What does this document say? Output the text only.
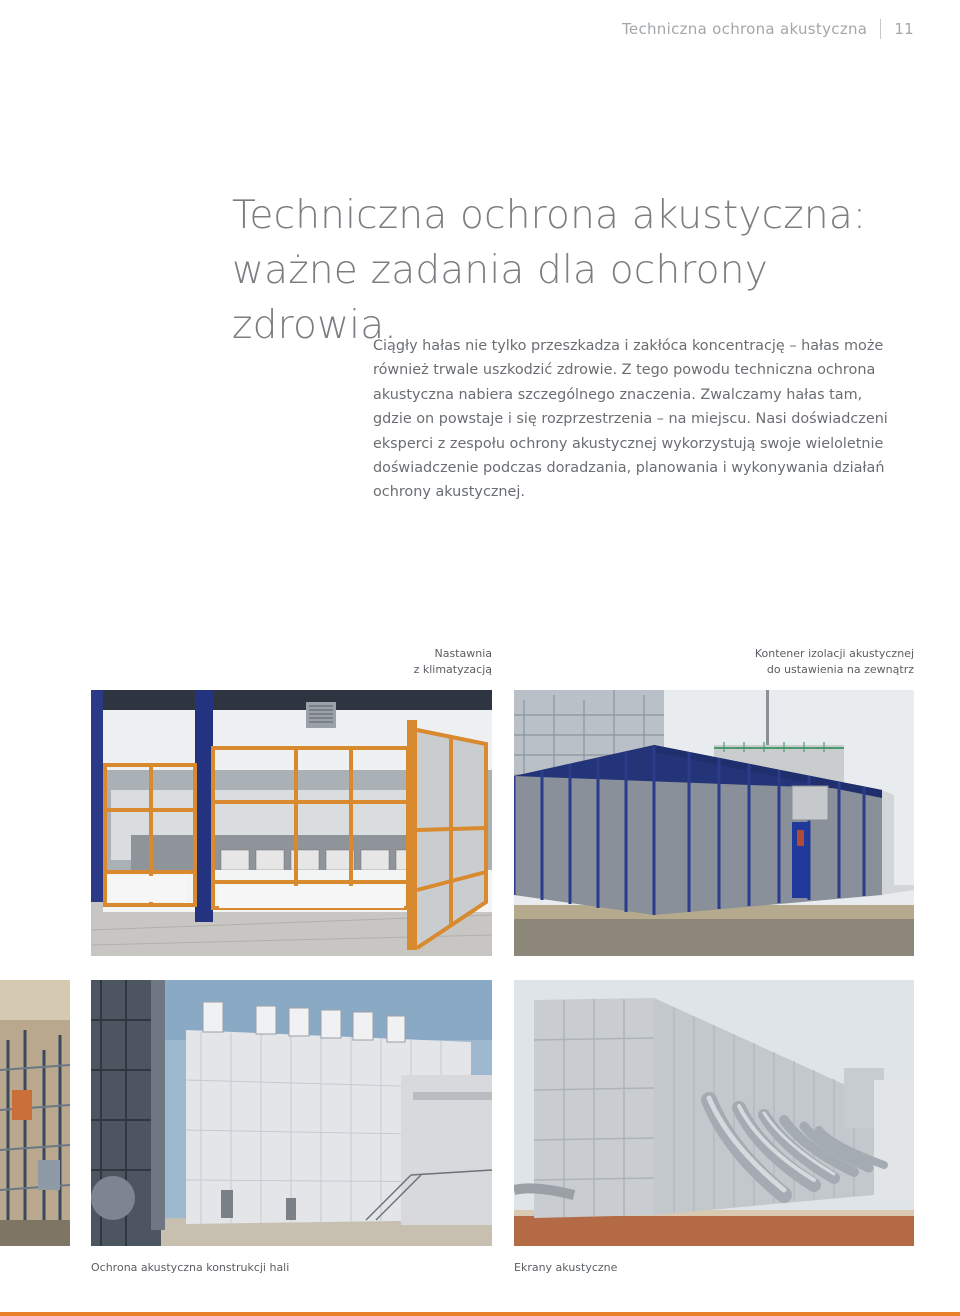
Techniczna ochrona akustyczna 11
Techniczna ochrona akustyczna:
ważne zadania dla ochrony zdrowia.

Ciągły hałas nie tylko przeszkadza i zakłóca koncentrację – hałas może również trwale uszkodzić zdrowie. Z tego powodu techniczna ochrona akustyczna nabiera szczególnego znaczenia. Zwalczamy hałas tam, gdzie on powstaje i się rozprzestrzenia – na miejscu. Nasi doświadczeni eksperci z zespołu ochrony akustycznej wykorzystują swoje wieloletnie doświadczenie podczas doradzania, planowania i wykonywania działań ochrony akustycznej.

Nastawnia
z klimatyzacją
Kontener izolacji akustycznej
do ustawienia na zewnątrz
Ochrona akustyczna konstrukcji hali	Ekrany akustyczne
